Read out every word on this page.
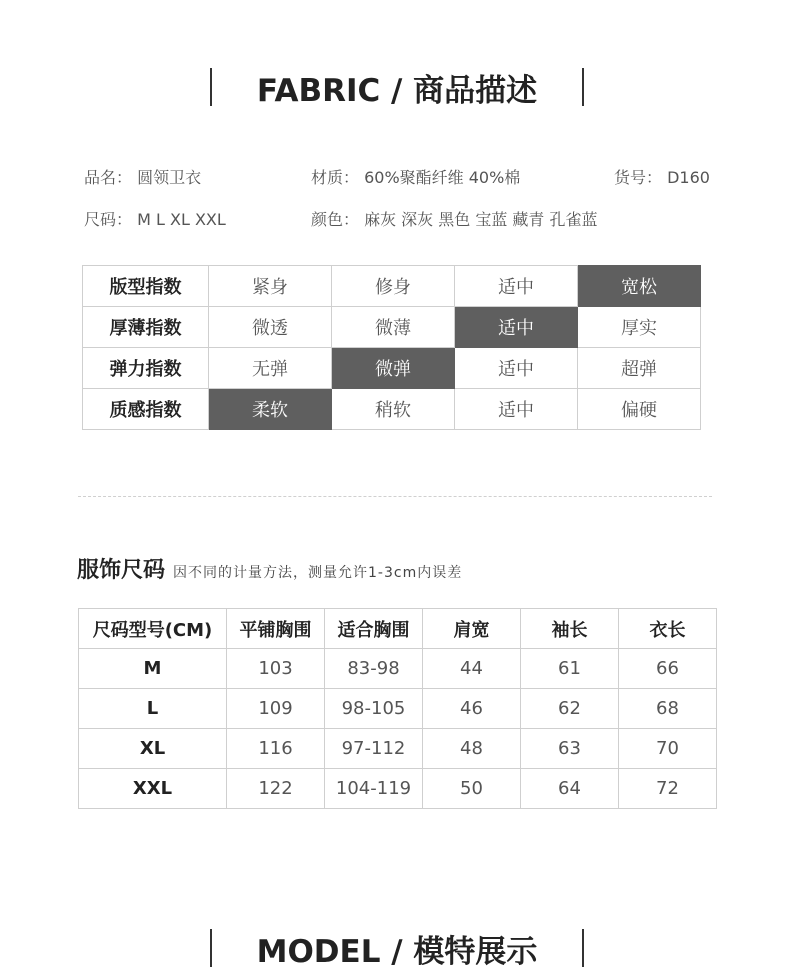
FABRIC / 商品描述
品名： 圆领卫衣	材质： 60%聚酯纤维 40%棉	货号： D160
尺码： M L XL XXL	颜色： 麻灰 深灰 黑色 宝蓝 藏青 孔雀蓝
版型指数	紧身	修身	适中	宽松
厚薄指数	微透	微薄	适中	厚实
弹力指数	无弹	微弹	适中	超弹
质感指数	柔软	稍软	适中	偏硬
服饰尺码 因不同的计量方法，测量允许1-3cm内误差
尺码型号(CM)	平铺胸围	适合胸围	肩宽	袖长	衣长
M	103	83-98	44	61	66
L	109	98-105	46	62	68
XL	116	97-112	48	63	70
XXL	122	104-119	50	64	72
MODEL / 模特展示
